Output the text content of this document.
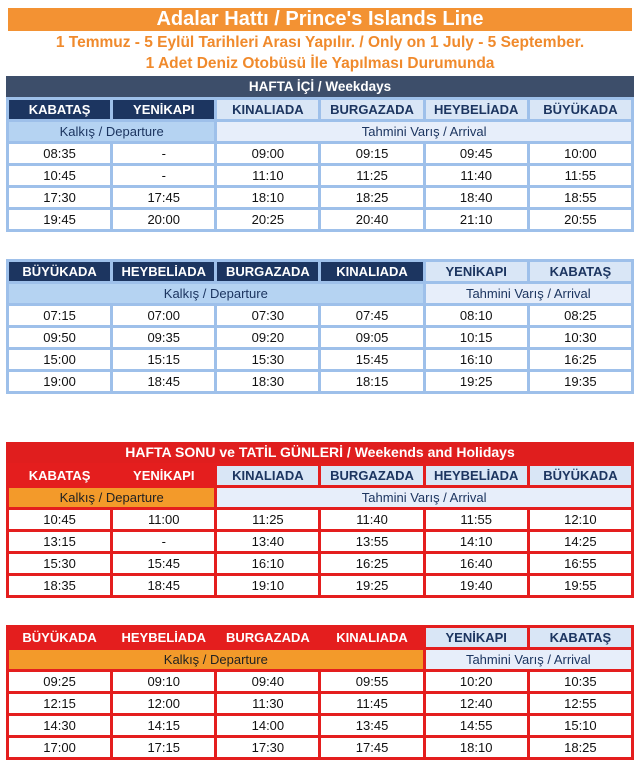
Adalar Hattı / Prince's Islands Line
1 Temmuz - 5 Eylül Tarihleri Arası Yapılır. / Only on 1 July - 5 September.
1 Adet Deniz Otobüsü İle Yapılması Durumunda
HAFTA İÇİ / Weekdays
KABATAŞ	YENİKAPI	KINALIADA	BURGAZADA	HEYBELİADA	BÜYÜKADA
Kalkış / Departure		Tahmini Varış / Arrival			
08:35	-	09:00	09:15	09:45	10:00
10:45	-	11:10	11:25	11:40	11:55
17:30	17:45	18:10	18:25	18:40	18:55
19:45	20:00	20:25	20:40	21:10	20:55
BÜYÜKADA	HEYBELİADA	BURGAZADA	KINALIADA	YENİKAPI	KABATAŞ
Kalkış / Departure				Tahmini Varış / Arrival	
07:15	07:00	07:30	07:45	08:10	08:25
09:50	09:35	09:20	09:05	10:15	10:30
15:00	15:15	15:30	15:45	16:10	16:25
19:00	18:45	18:30	18:15	19:25	19:35
HAFTA SONU ve TATİL GÜNLERİ / Weekends and Holidays
KABATAŞ	YENİKAPI	KINALIADA	BURGAZADA	HEYBELİADA	BÜYÜKADA
Kalkış / Departure		Tahmini Varış / Arrival			
10:45	11:00	11:25	11:40	11:55	12:10
13:15	-	13:40	13:55	14:10	14:25
15:30	15:45	16:10	16:25	16:40	16:55
18:35	18:45	19:10	19:25	19:40	19:55
BÜYÜKADA	HEYBELİADA	BURGAZADA	KINALIADA	YENİKAPI	KABATAŞ
Kalkış / Departure				Tahmini Varış / Arrival	
09:25	09:10	09:40	09:55	10:20	10:35
12:15	12:00	11:30	11:45	12:40	12:55
14:30	14:15	14:00	13:45	14:55	15:10
17:00	17:15	17:30	17:45	18:10	18:25
